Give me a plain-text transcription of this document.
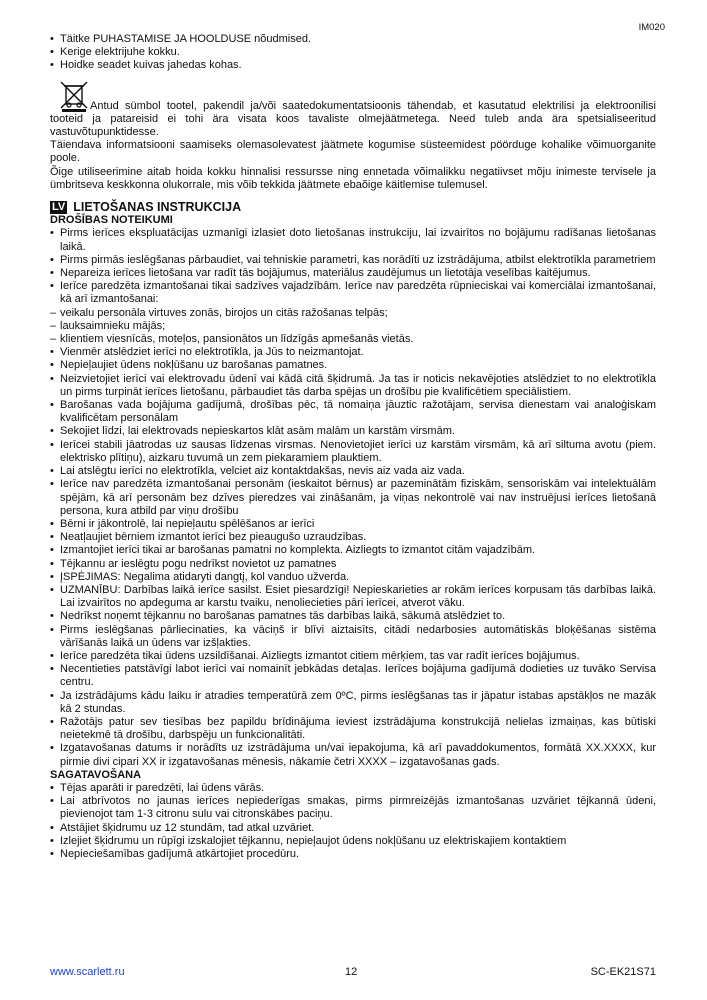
IM020
• Täitke PUHASTAMISE JA HOOLDUSE nõudmised.
• Kerige elektrijuhe kokku.
• Hoidke seadet kuivas jahedas kohas.

Antud sümbol tootel, pakendil ja/või saatedokumentatsioonis tähendab, et kasutatud elektrilisi ja elektroonilisi tooteid ja patareisid ei tohi ära visata koos tavaliste olmejäätmetega. Need tuleb anda ära spetsialiseeritud vastuvõtupunktidesse.

Täiendava informatsiooni saamiseks olemasolevatest jäätmete kogumise süsteemidest pöörduge kohalike võimuorganite poole.

Õige utiliseerimine aitab hoida kokku hinnalisi ressursse ning ennetada võimalikku negatiivset mõju inimeste tervisele ja ümbritseva keskkonna olukorrale, mis võib tekkida jäätmete ebaõige käitlemise tulemusel.

LV LIETOŠANAS INSTRUKCIJA

DROŠĪBAS NOTEIKUMI

• Pirms ierīces ekspluatācijas uzmanīgi izlasiet doto lietošanas instrukciju, lai izvairītos no bojājumu radīšanas lietošanas laikā.
• Pirms pirmās ieslēgšanas pārbaudiet, vai tehniskie parametri, kas norādīti uz izstrādājuma, atbilst elektrotīkla parametriem
• Nepareiza ierīces lietošana var radīt tās bojājumus, materiālus zaudējumus un lietotāja veselības kaitējumus.
• Ierīce paredzēta izmantošanai tikai sadzīves vajadzībām. Ierīce nav paredzēta rūpnieciskai vai komerciālai izmantošanai, kā arī izmantošanai:
– veikalu personāla virtuves zonās, birojos un citās ražošanas telpās;
– lauksaimnieku mājās;
– klientiem viesnīcās, moteļos, pansionātos un līdzīgās apmešanās vietās.
• Vienmēr atslēdziet ierīci no elektrotīkla, ja Jūs to neizmantojat.
• Nepieļaujiet ūdens nokļūšanu uz barošanas pamatnes.
• Neizvietojiet ierīci vai elektrovadu ūdenī vai kādā citā šķidrumā. Ja tas ir noticis nekavējoties atslēdziet to no elektrotīkla un pirms turpināt ierīces lietošanu, pārbaudiet tās darba spējas un drošību pie kvalificētiem speciālistiem.
• Barošanas vada bojājuma gadījumā, drošības pēc, tā nomaiņa jāuztic ražotājam, servisa dienestam vai analoģiskam kvalificētam personālam
• Sekojiet līdzi, lai elektrovads nepieskartos klāt asām malām un karstām virsmām.
• Ierīcei stabili jāatrodas uz sausas līdzenas virsmas. Nenovietojiet ierīci uz karstām virsmām, kā arī siltuma avotu (piem. elektrisko plītiņu), aizkaru tuvumā un zem piekaramiem plauktiem.
• Lai atslēgtu ierīci no elektrotīkla, velciet aiz kontaktdakšas, nevis aiz vada aiz vada.
• Ierīce nav paredzēta izmantošanai personām (ieskaitot bērnus) ar pazeminātām fiziskām, sensoriskām vai intelektuālām spējām, kā arī personām bez dzīves pieredzes vai zināšanām, ja viņas nekontrolē vai nav instruējusi ierīces lietošanā persona, kura atbild par viņu drošību
• Bērni ir jākontrolē, lai nepieļautu spēlēšanos ar ierīci
• Neatļaujiet bērniem izmantot ierīci bez pieaugušo uzraudzības.
• Izmantojiet ierīci tikai ar barošanas pamatni no komplekta. Aizliegts to izmantot citām vajadzībām.
• Tējkannu ar ieslēgtu pogu nedrīkst novietot uz pamatnes
• ĮSPĖJIMAS: Negalima atidaryti dangtį, kol vanduo užverda.
• UZMANĪBU: Darbības laikā ierīce sasilst. Esiet piesardzīgi! Nepieskarieties ar rokām ierīces korpusam tās darbības laikā. Lai izvairītos no apdeguma ar karstu tvaiku, nenoliecieties pāri ierīcei, atverot vāku.
• Nedrīkst noņemt tējkannu no barošanas pamatnes tās darbības laikā, sākumā atslēdziet to.
• Pirms ieslēgšanas pārliecinaties, ka vāciņš ir blīvi aiztaisīts, citādi nedarbosies automātiskās bloķēšanas sistēma vārīšanās laikā un ūdens var izšļakties.
• Ierīce paredzēta tikai ūdens uzsildīšanai. Aizliegts izmantot citiem mērķiem, tas var radīt ierīces bojājumus.
• Necentieties patstāvīgi labot ierīci vai nomainīt jebkādas detaļas. Ierīces bojājuma gadījumā dodieties uz tuvāko Servisa centru.
• Ja izstrādājums kādu laiku ir atradies temperatūrā zem 0ºC, pirms ieslēgšanas tas ir jāpatur istabas apstākļos ne mazāk kā 2 stundas.
• Ražotājs patur sev tiesības bez papildu brīdinājuma ieviest izstrādājuma konstrukcijā nelielas izmaiņas, kas būtiski neietekmē tā drošību, darbspēju un funkcionalitāti.
• Izgatavošanas datums ir norādīts uz izstrādājuma un/vai iepakojuma, kā arī pavaddokumentos, formātā XX.XXXX, kur pirmie divi cipari XX ir izgatavošanas mēnesis, nākamie četri XXXX – izgatavošanas gads.

SAGATAVOŠANA

• Tējas aparāti ir paredzēti, lai ūdens vārās.
• Lai atbrīvotos no jaunas ierīces nepiederīgas smakas, pirms pirmreizējās izmantošanas uzvāriet tējkannā ūdeni, pievienojot tam 1-3 citronu sulu vai citronskābes paciņu.
• Atstājiet šķidrumu uz 12 stundām, tad atkal uzvāriet.
• Izlejiet šķidrumu un rūpīgi izskalojiet tējkannu, nepieļaujot ūdens nokļūšanu uz elektriskajiem kontaktiem
• Nepieciešamības gadījumā atkārtojiet procedūru.
www.scarlett.ru	12	SC-EK21S71
